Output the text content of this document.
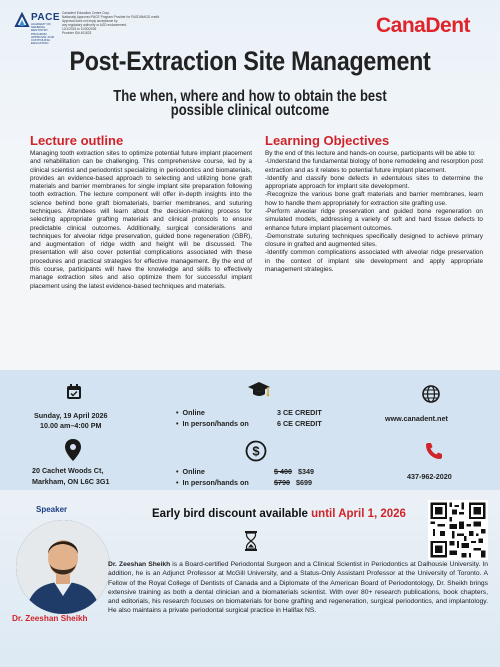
PACE
ACADEMY OF GENERAL DENTISTRY PROGRAM APPROVAL FOR CONTINUING EDUCATION
Canadent Education Centre Corp.
Nationally Approved PACE Program Provider for FAGD/MAGD credit.
Approval does not imply acceptance by
any regulatory authority or AGD endorsement.
12/1/2023 to 11/30/2026
Provider ID# 401823	CanaDent
Post-Extraction Site Management
The when, where and how to obtain the best possible clinical outcome
Lecture outline

Managing tooth extraction sites to optimize potential future implant placement and rehabilitation can be challenging. This comprehensive course, led by a clinical scientist and periodontist specializing in periodontics and biomaterials, provides an evidence-based approach to selecting and utilizing bone graft materials and barrier membranes for single implant site preparation following tooth extraction. The lecture component will offer in-depth insights into the science behind bone graft biomaterials, barrier membranes, and suturing techniques. Attendees will learn about the decision-making process for selecting appropriate grafting materials and clinical protocols to ensure predictable clinical outcomes. Additionally, surgical considerations and techniques for alveolar ridge preservation, guided bone regeneration (GBR), and augmentation of ridge width and height will be discussed. The presentation will also cover potential complications associated with these procedures and practical strategies for effective management. By the end of this course, participants will have the knowledge and skills to effectively manage extraction sites and also optimize them for successful implant placement using the latest evidence-based techniques and materials.

Learning Objectives

By the end of this lecture and hands-on course, participants will be able to:

-Understand the fundamental biology of bone remodeling and resorption post extraction and as it relates to potential future implant placement.

-Identify and classify bone defects in edentulous sites to determine the appropriate approach for implant site development.

-Recognize the various bone graft materials and barrier membranes, learn how to handle them appropriately for extraction site grafting use.

-Perform alveolar ridge preservation and guided bone regeneration on simulated models, addressing a variety of soft and hard tissue defects to enhance future implant placement outcomes.

-Demonstrate suturing techniques specifically designed to achieve primary closure in grafted and augmented sites.

-Identify common complications associated with alveolar ridge preservation in the context of implant site development and apply appropriate management strategies.

Sunday, 19 April 2026
10.00 am–4:00 PM
•  Online
•  In person/hands on
3 CE CREDIT
6 CE CREDIT
www.canadent.net
20 Cachet Woods Ct,
Markham, ON L6C 3G1
$
•  Online
•  In person/hands on
$ 400 $349
$790 $699
437-962-2020
Early bird discount available until April 1, 2026
Speaker
Dr. Zeeshan Sheikh
Dr. Zeeshan Sheikh is a Board-certified Periodontal Surgeon and a Clinical Scientist in Periodontics at Dalhousie University. In addition, he is an Adjunct Professor at McGill University, and a Status-Only Assistant Professor at the University of Toronto. A Fellow of the Royal College of Dentists of Canada and a Diplomate of the American Board of Periodontology, Dr. Sheikh brings extensive training as both a dental clinician and a biomaterials scientist. With over 80+ research publications, book chapters, and editorials, his research focuses on biomaterials for bone grafting and regeneration, surgical periodontics, and implantology. He also maintains a private periodontal surgical practice in Halifax NS.
